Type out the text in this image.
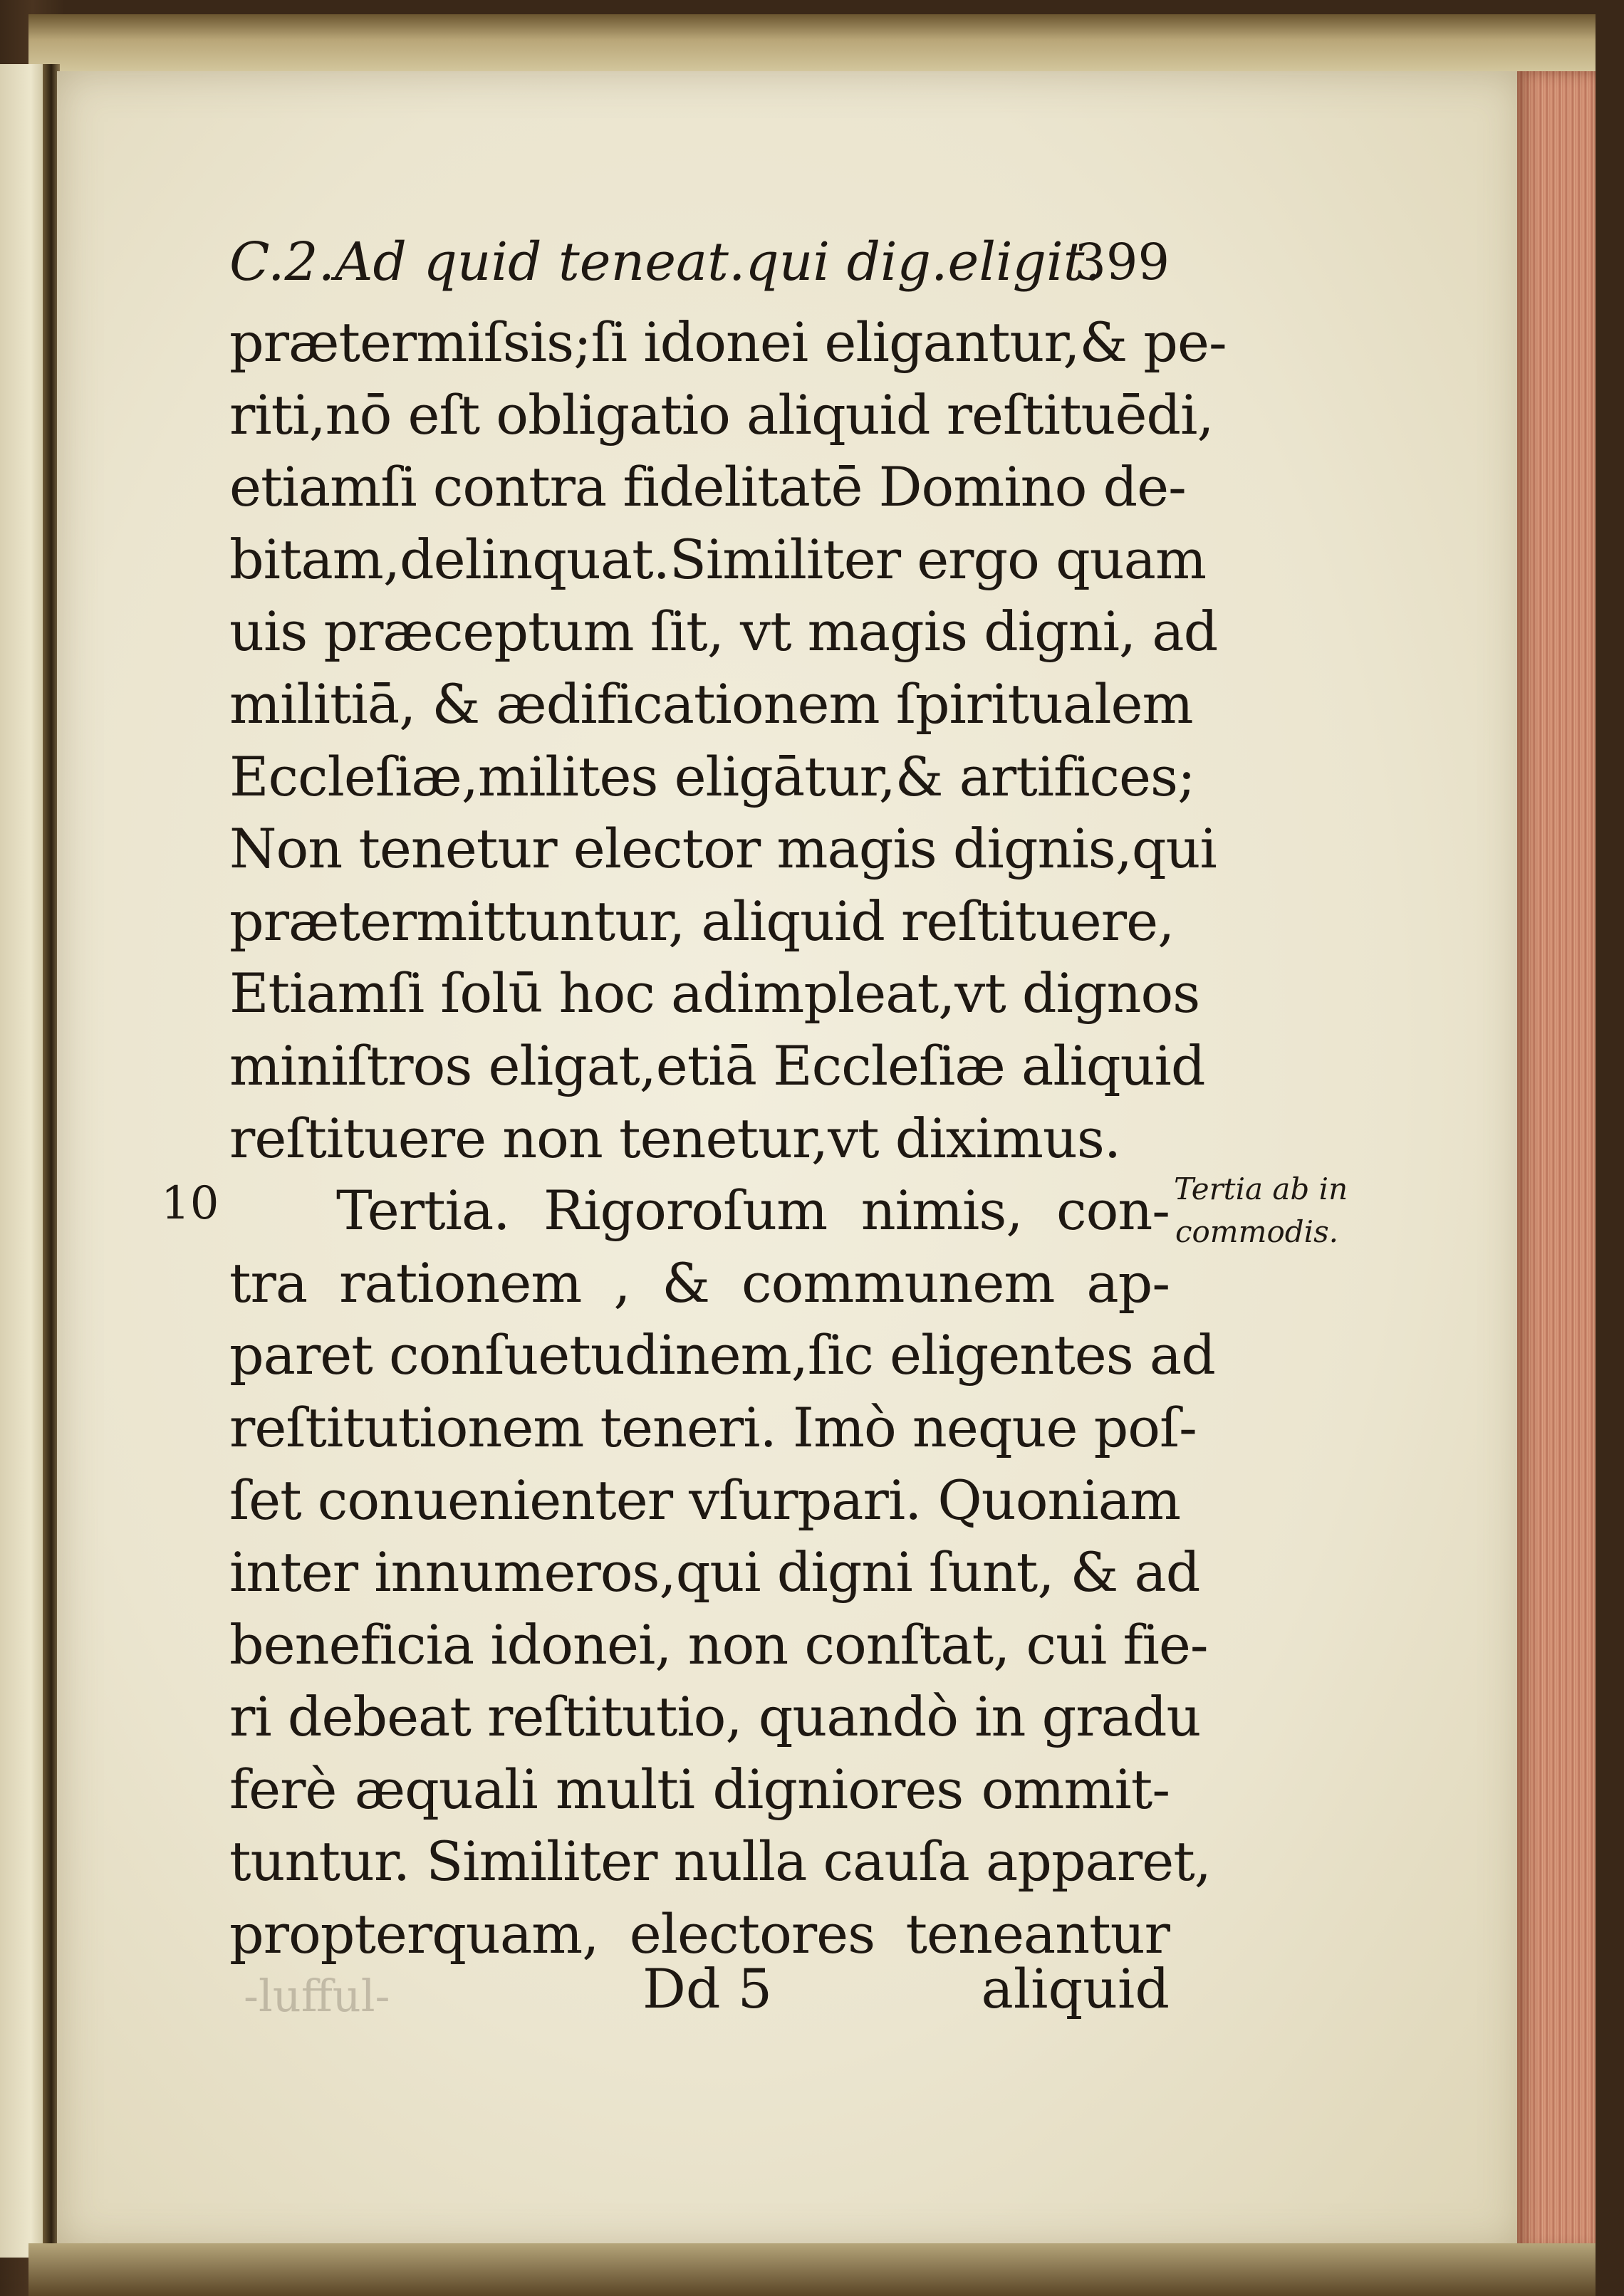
C.2.Ad quid teneat.qui dig.eligit.
399
prætermiſsis;ſi idonei eligantur,& pe-
riti,nō eſt obligatio aliquid reſtituēdi,
etiamſi contra fidelitatē Domino de-
bitam,delinquat.Similiter ergo quam
uis præceptum ſit, vt magis digni, ad
militiā, & ædificationem ſpiritualem
Eccleſiæ,milites eligātur,& artifices;
Non tenetur elector magis dignis,qui
prætermittuntur, aliquid reſtituere,
Etiamſi ſolū hoc adimpleat,vt dignos
miniſtros eligat,etiā Eccleſiæ aliquid
reſtituere non tenetur,vt diximus.
Tertia. Rigoroſum nimis, con-
tra rationem , & communem ap-
paret conſuetudinem,ſic eligentes ad
reſtitutionem teneri. Imò neque poſ-
ſet conuenienter vſurpari. Quoniam
inter innumeros,qui digni ſunt, & ad
beneficia idonei, non conſtat, cui fie-
ri debeat reſtitutio, quandò in gradu
ferè æquali multi digniores ommit-
tuntur. Similiter nulla cauſa apparet,
propterquam, electores teneantur
10	Tertia ab in
commodis.
-lufful-	Dd 5	aliquid
